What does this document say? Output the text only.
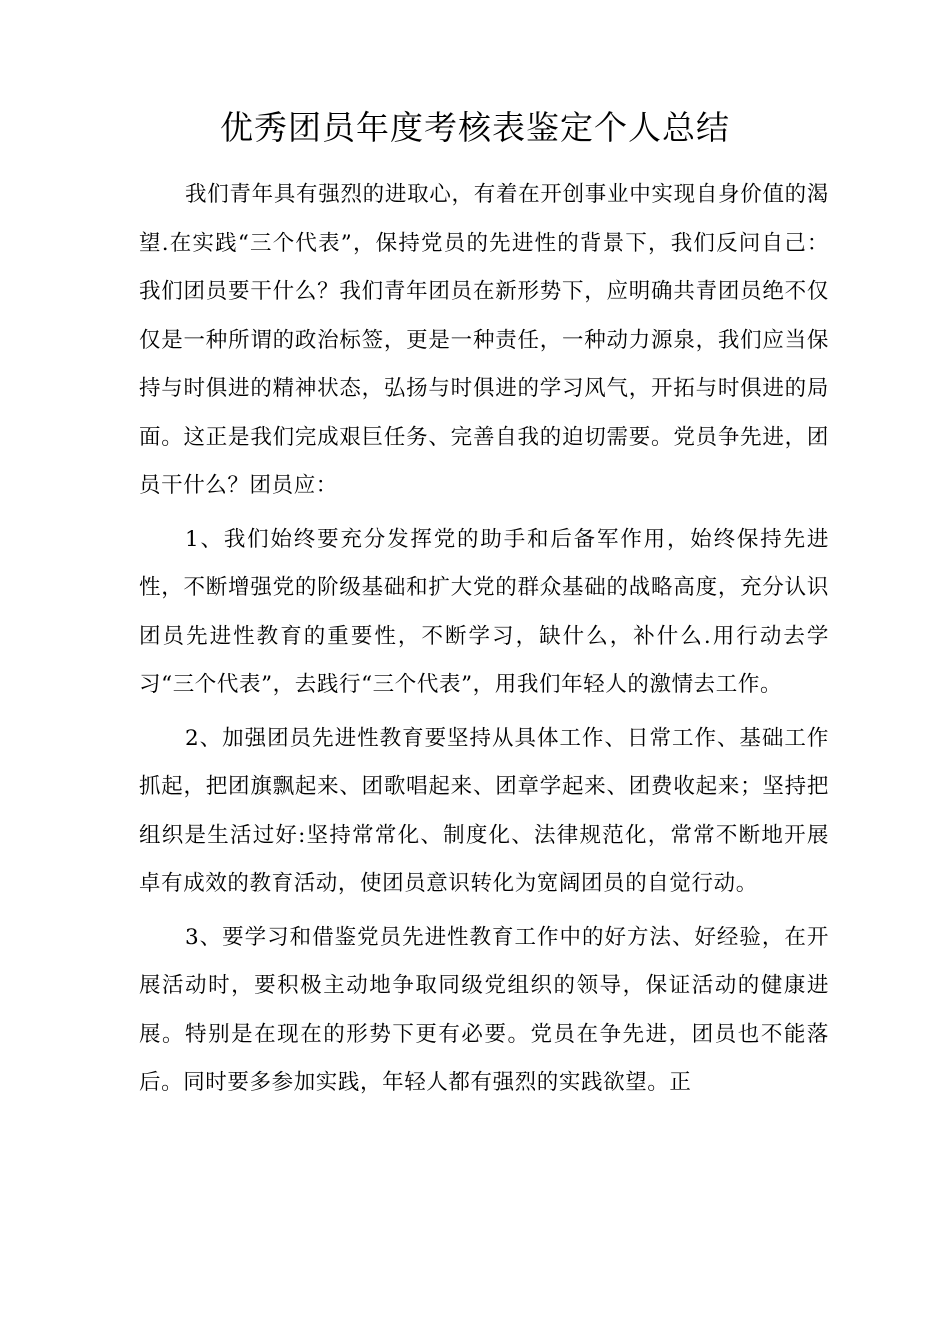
优秀团员年度考核表鉴定个人总结

我们青年具有强烈的进取心，有着在开创事业中实现自身价值的渴望.在实践“三个代表”，保持党员的先进性的背景下，我们反问自己：我们团员要干什么？我们青年团员在新形势下，应明确共青团员绝不仅仅是一种所谓的政治标签，更是一种责任，一种动力源泉，我们应当保持与时俱进的精神状态，弘扬与时俱进的学习风气，开拓与时俱进的局面。这正是我们完成艰巨任务、完善自我的迫切需要。党员争先进，团员干什么？团员应：

1、我们始终要充分发挥党的助手和后备军作用，始终保持先进性，不断增强党的阶级基础和扩大党的群众基础的战略高度，充分认识团员先进性教育的重要性，不断学习，缺什么，补什么.用行动去学习“三个代表”，去践行“三个代表”，用我们年轻人的激情去工作。

2、加强团员先进性教育要坚持从具体工作、日常工作、基础工作抓起，把团旗飘起来、团歌唱起来、团章学起来、团费收起来；坚持把组织是生活过好:坚持常常化、制度化、法律规范化，常常不断地开展卓有成效的教育活动，使团员意识转化为宽阔团员的自觉行动。

3、要学习和借鉴党员先进性教育工作中的好方法、好经验，在开展活动时，要积极主动地争取同级党组织的领导，保证活动的健康进展。特别是在现在的形势下更有必要。党员在争先进，团员也不能落后。同时要多参加实践，年轻人都有强烈的实践欲望。正
